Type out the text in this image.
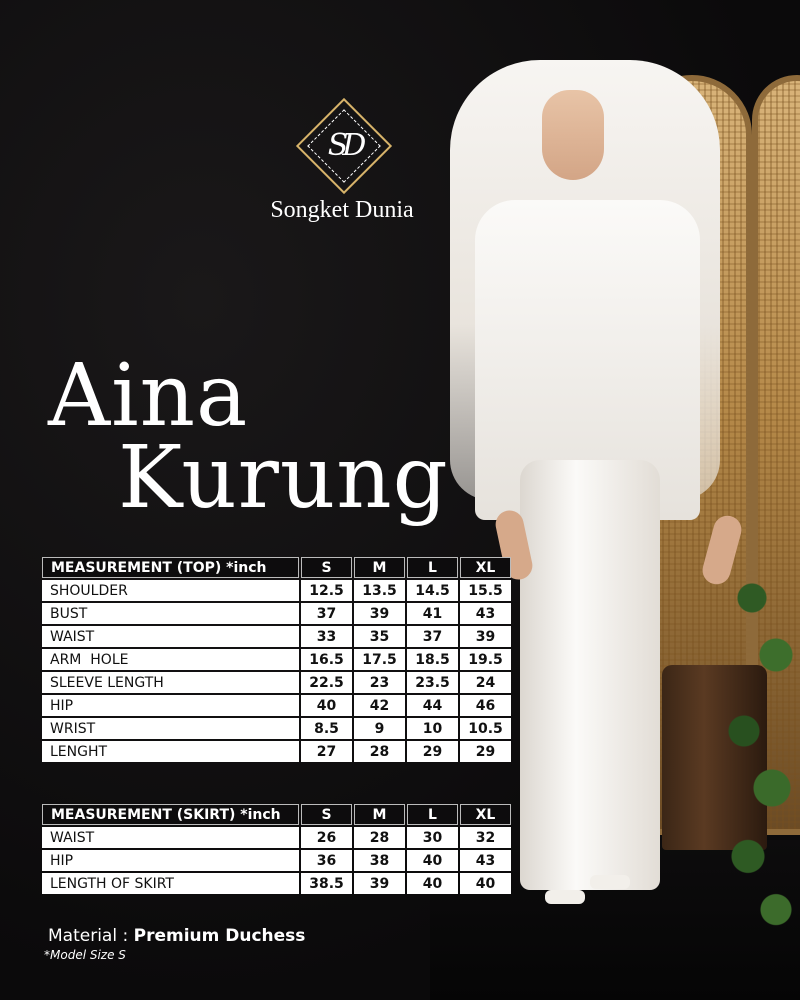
SD
Songket Dunia
Aina
Kurung
MEASUREMENT (TOP) *inch	S	M	L	XL
SHOULDER	12.5	13.5	14.5	15.5
BUST	37	39	41	43
WAIST	33	35	37	39
ARM  HOLE	16.5	17.5	18.5	19.5
SLEEVE LENGTH	22.5	23	23.5	24
HIP	40	42	44	46
WRIST	8.5	9	10	10.5
LENGHT	27	28	29	29
MEASUREMENT (SKIRT) *inch	S	M	L	XL
WAIST	26	28	30	32
HIP	36	38	40	43
LENGTH OF SKIRT	38.5	39	40	40
Material : Premium Duchess
*Model Size S
